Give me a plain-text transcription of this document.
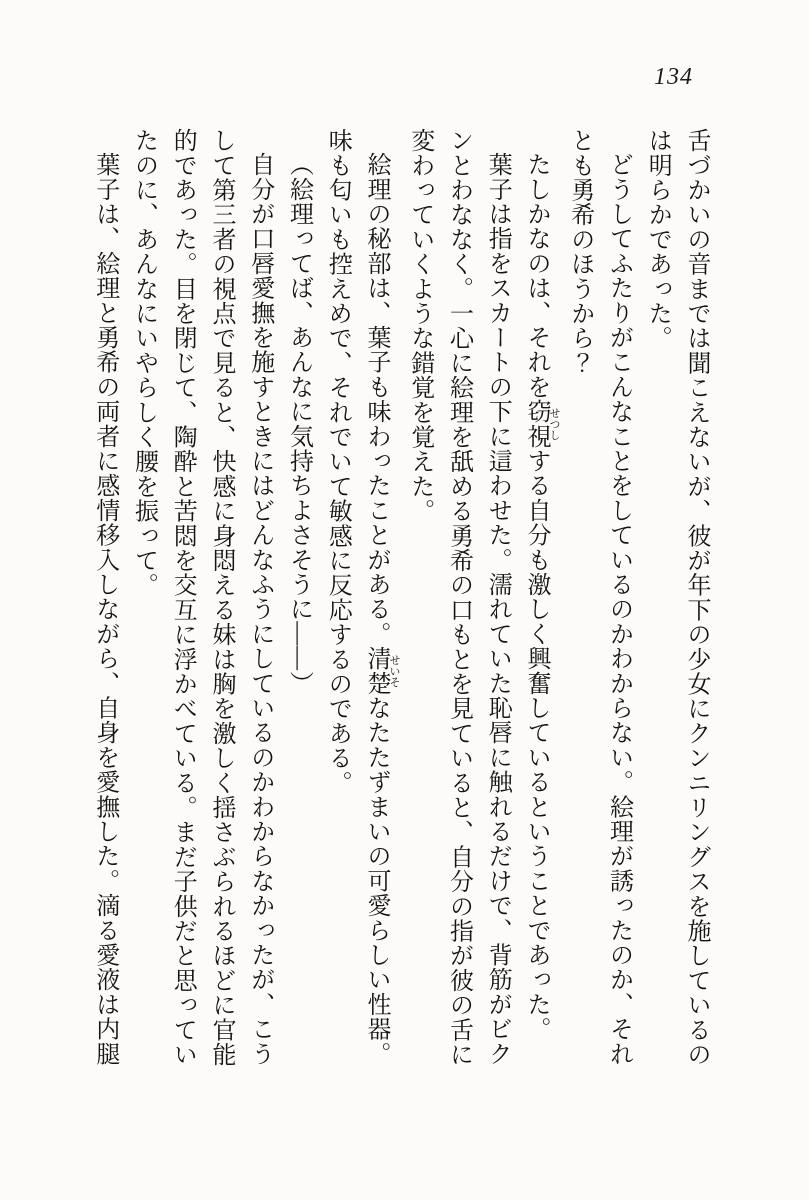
134

舌づかいの音までは聞こえないが、彼が年下の少女にクンニリングスを施しているのは明らかであった。

どうしてふたりがこんなことをしているのかわからない。絵理が誘ったのか、それとも勇希のほうから？

たしかなのは、それを窃視 せつしする自分も激しく興奮しているということであった。

葉子は指をスカートの下に這わせた。濡れていた恥唇に触れるだけで、背筋がビクンとわななく。一心に絵理を舐める勇希の口もとを見ていると、自分の指が彼の舌に変わっていくような錯覚を覚えた。

絵理の秘部は、葉子も味わったことがある。清楚 せいそなたたずまいの可愛らしい性器。味も匂いも控えめで、それでいて敏感に反応するのである。

（絵理ってば、あんなに気持ちよさそうに――）

自分が口唇愛撫を施すときにはどんなふうにしているのかわからなかったが、こうして第三者の視点で見ると、快感に身悶える妹は胸を激しく揺さぶられるほどに官能的であった。目を閉じて、陶酔と苦悶を交互に浮かべている。まだ子供だと思っていたのに、あんなにいやらしく腰を振って。

葉子は、絵理と勇希の両者に感情移入しながら、自身を愛撫した。滴る愛液は内腿
